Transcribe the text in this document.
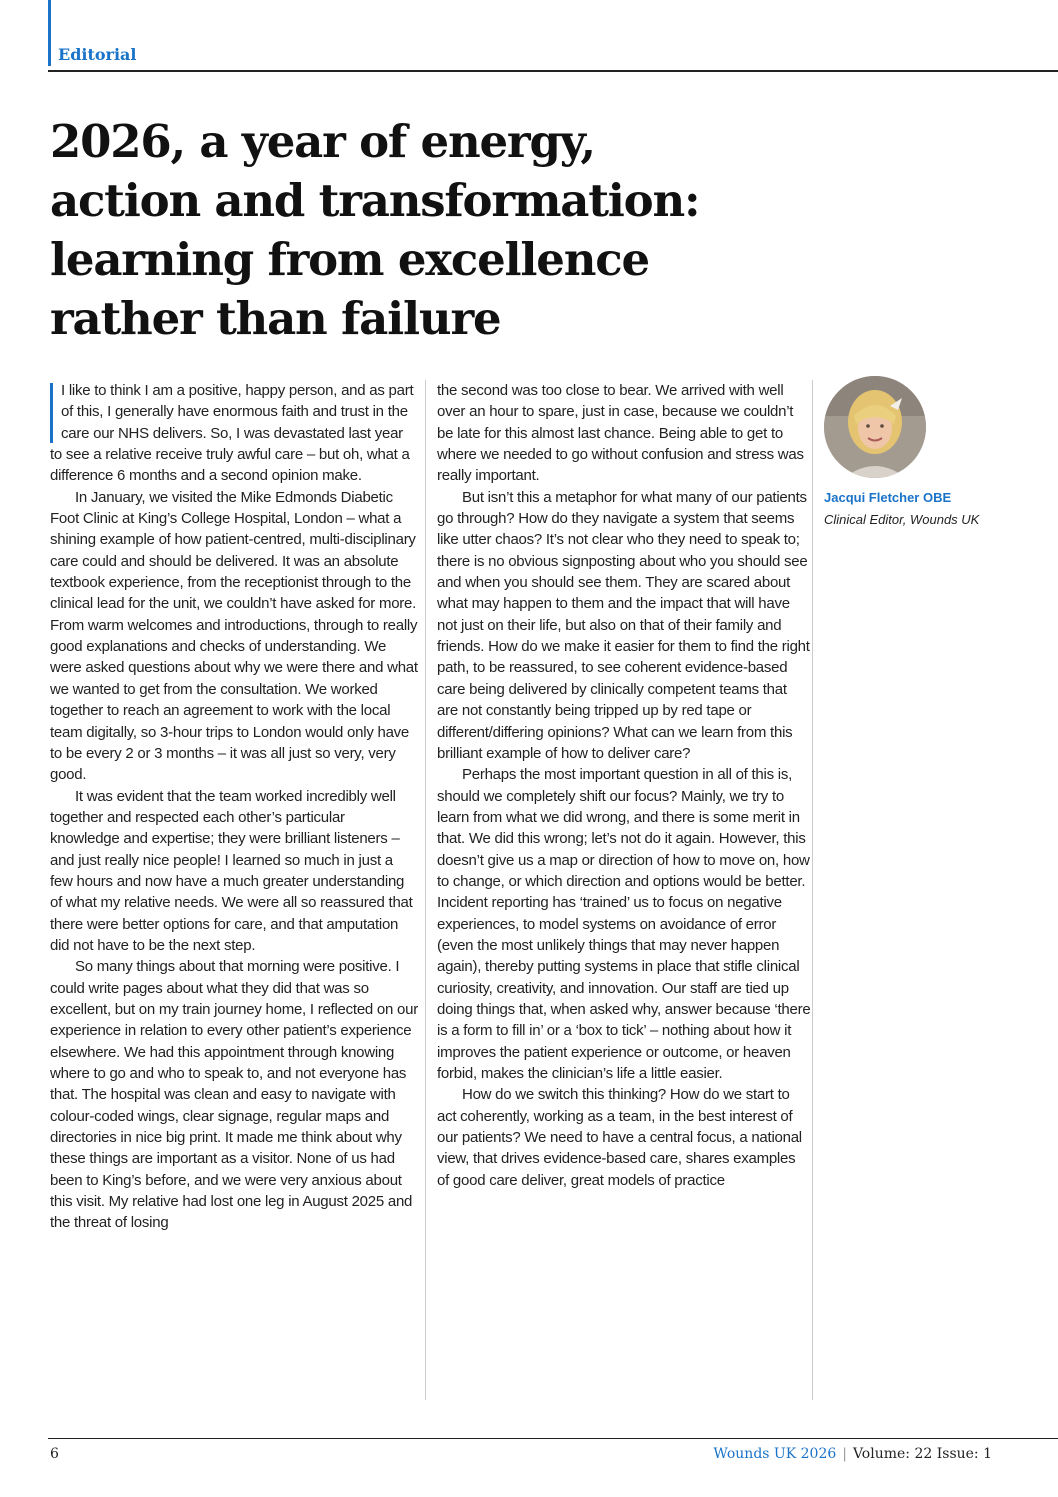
Editorial
2026, a year of energy, action and transformation: learning from excellence rather than failure

I like to think I am a positive, happy person, and as part of this, I generally have enormous faith and trust in the care our NHS delivers. So, I was devastated last year to see a relative receive truly awful care – but oh, what a difference 6 months and a second opinion make.

In January, we visited the Mike Edmonds Diabetic Foot Clinic at King’s College Hospital, London – what a shining example of how patient-centred, multi-disciplinary care could and should be delivered. It was an absolute textbook experience, from the receptionist through to the clinical lead for the unit, we couldn’t have asked for more. From warm welcomes and introductions, through to really good explanations and checks of understanding. We were asked questions about why we were there and what we wanted to get from the consultation. We worked together to reach an agreement to work with the local team digitally, so 3-hour trips to London would only have to be every 2 or 3 months – it was all just so very, very good.

It was evident that the team worked incredibly well together and respected each other’s particular knowledge and expertise; they were brilliant listeners – and just really nice people! I learned so much in just a few hours and now have a much greater understanding of what my relative needs. We were all so reassured that there were better options for care, and that amputation did not have to be the next step.

So many things about that morning were positive. I could write pages about what they did that was so excellent, but on my train journey home, I reflected on our experience in relation to every other patient’s experience elsewhere. We had this appointment through knowing where to go and who to speak to, and not everyone has that. The hospital was clean and easy to navigate with colour-coded wings, clear signage, regular maps and directories in nice big print. It made me think about why these things are important as a visitor. None of us had been to King’s before, and we were very anxious about this visit. My relative had lost one leg in August 2025 and the threat of losing

the second was too close to bear. We arrived with well over an hour to spare, just in case, because we couldn’t be late for this almost last chance. Being able to get to where we needed to go without confusion and stress was really important.

But isn’t this a metaphor for what many of our patients go through? How do they navigate a system that seems like utter chaos? It’s not clear who they need to speak to; there is no obvious signposting about who you should see and when you should see them. They are scared about what may happen to them and the impact that will have not just on their life, but also on that of their family and friends. How do we make it easier for them to find the right path, to be reassured, to see coherent evidence-based care being delivered by clinically competent teams that are not constantly being tripped up by red tape or different/differing opinions? What can we learn from this brilliant example of how to deliver care?

Perhaps the most important question in all of this is, should we completely shift our focus? Mainly, we try to learn from what we did wrong, and there is some merit in that. We did this wrong; let’s not do it again. However, this doesn’t give us a map or direction of how to move on, how to change, or which direction and options would be better. Incident reporting has ‘trained’ us to focus on negative experiences, to model systems on avoidance of error (even the most unlikely things that may never happen again), thereby putting systems in place that stifle clinical curiosity, creativity, and innovation. Our staff are tied up doing things that, when asked why, answer because ‘there is a form to fill in’ or a ‘box to tick’ – nothing about how it improves the patient experience or outcome, or heaven forbid, makes the clinician’s life a little easier.

How do we switch this thinking? How do we start to act coherently, working as a team, in the best interest of our patients? We need to have a central focus, a national view, that drives evidence-based care, shares examples of good care deliver, great models of practice

Jacqui Fletcher OBE
Clinical Editor, Wounds UK
6	Wounds UK 2026 | Volume: 22 Issue: 1
